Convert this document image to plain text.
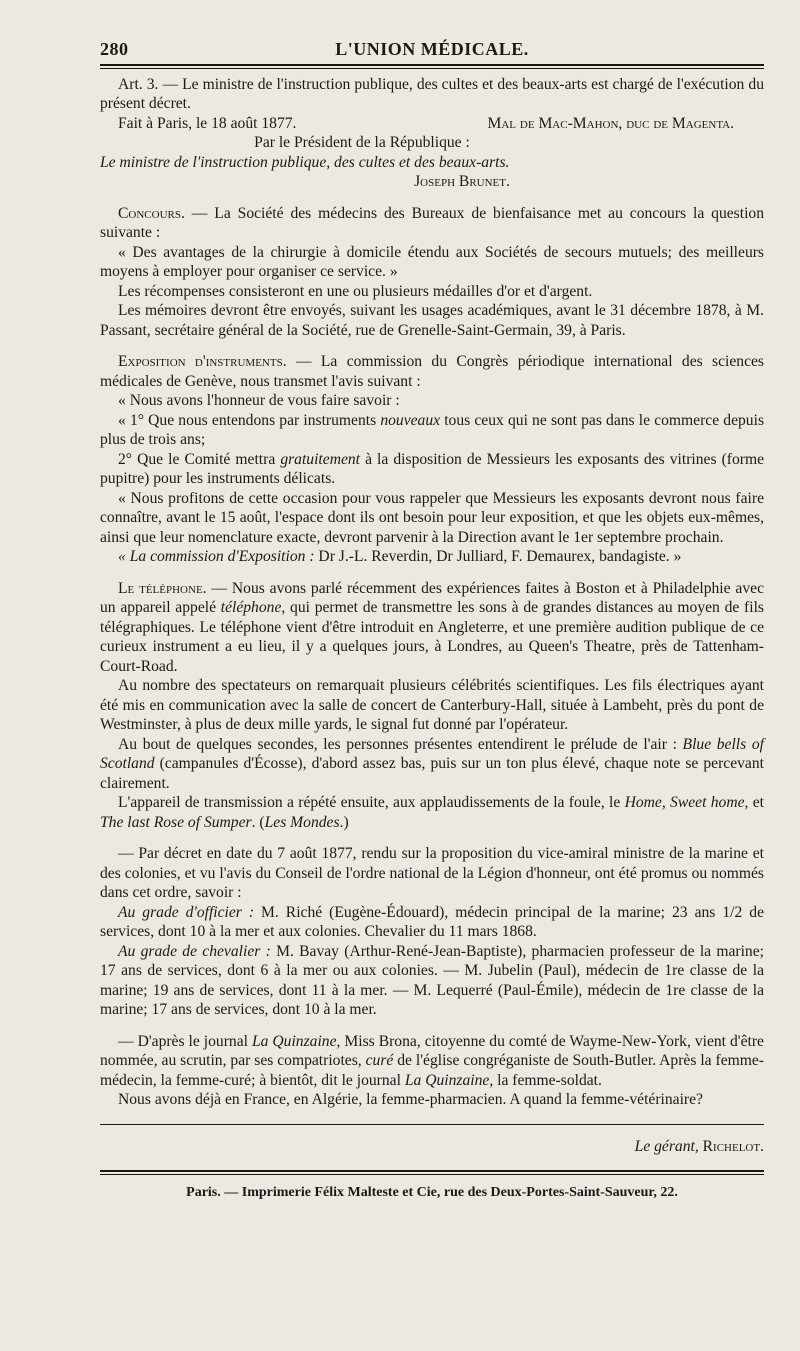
280	L'UNION MÉDICALE.

Art. 3. — Le ministre de l'instruction publique, des cultes et des beaux-arts est chargé de l'exécution du présent décret.

Fait à Paris, le 18 août 1877.	Mal de Mac-Mahon, duc de Magenta.

Par le Président de la République :

Le ministre de l'instruction publique, des cultes et des beaux-arts.

Joseph Brunet.

Concours. — La Société des médecins des Bureaux de bienfaisance met au concours la question suivante :

« Des avantages de la chirurgie à domicile étendu aux Sociétés de secours mutuels; des meilleurs moyens à employer pour organiser ce service. »

Les récompenses consisteront en une ou plusieurs médailles d'or et d'argent.

Les mémoires devront être envoyés, suivant les usages académiques, avant le 31 décembre 1878, à M. Passant, secrétaire général de la Société, rue de Grenelle-Saint-Germain, 39, à Paris.

Exposition d'instruments. — La commission du Congrès périodique international des sciences médicales de Genève, nous transmet l'avis suivant :

« Nous avons l'honneur de vous faire savoir :

« 1° Que nous entendons par instruments nouveaux tous ceux qui ne sont pas dans le commerce depuis plus de trois ans;

2° Que le Comité mettra gratuitement à la disposition de Messieurs les exposants des vitrines (forme pupitre) pour les instruments délicats.

« Nous profitons de cette occasion pour vous rappeler que Messieurs les exposants devront nous faire connaître, avant le 15 août, l'espace dont ils ont besoin pour leur exposition, et que les objets eux-mêmes, ainsi que leur nomenclature exacte, devront parvenir à la Direction avant le 1er septembre prochain.

« La commission d'Exposition : Dr J.-L. Reverdin, Dr Julliard, F. Demaurex, bandagiste. »

Le téléphone. — Nous avons parlé récemment des expériences faites à Boston et à Philadelphie avec un appareil appelé téléphone, qui permet de transmettre les sons à de grandes distances au moyen de fils télégraphiques. Le téléphone vient d'être introduit en Angleterre, et une première audition publique de ce curieux instrument a eu lieu, il y a quelques jours, à Londres, au Queen's Theatre, près de Tattenham-Court-Road.

Au nombre des spectateurs on remarquait plusieurs célébrités scientifiques. Les fils électriques ayant été mis en communication avec la salle de concert de Canterbury-Hall, située à Lambeht, près du pont de Westminster, à plus de deux mille yards, le signal fut donné par l'opérateur.

Au bout de quelques secondes, les personnes présentes entendirent le prélude de l'air : Blue bells of Scotland (campanules d'Écosse), d'abord assez bas, puis sur un ton plus élevé, chaque note se percevant clairement.

L'appareil de transmission a répété ensuite, aux applaudissements de la foule, le Home, Sweet home, et The last Rose of Sumper. (Les Mondes.)

— Par décret en date du 7 août 1877, rendu sur la proposition du vice-amiral ministre de la marine et des colonies, et vu l'avis du Conseil de l'ordre national de la Légion d'honneur, ont été promus ou nommés dans cet ordre, savoir :

Au grade d'officier : M. Riché (Eugène-Édouard), médecin principal de la marine; 23 ans 1/2 de services, dont 10 à la mer et aux colonies. Chevalier du 11 mars 1868.

Au grade de chevalier : M. Bavay (Arthur-René-Jean-Baptiste), pharmacien professeur de la marine; 17 ans de services, dont 6 à la mer ou aux colonies. — M. Jubelin (Paul), médecin de 1re classe de la marine; 19 ans de services, dont 11 à la mer. — M. Lequerré (Paul-Émile), médecin de 1re classe de la marine; 17 ans de services, dont 10 à la mer.

— D'après le journal La Quinzaine, Miss Brona, citoyenne du comté de Wayme-New-York, vient d'être nommée, au scrutin, par ses compatriotes, curé de l'église congréganiste de South-Butler. Après la femme-médecin, la femme-curé; à bientôt, dit le journal La Quinzaine, la femme-soldat.

Nous avons déjà en France, en Algérie, la femme-pharmacien. A quand la femme-vétérinaire?

Le gérant, Richelot.

Paris. — Imprimerie Félix Malteste et Cie, rue des Deux-Portes-Saint-Sauveur, 22.
